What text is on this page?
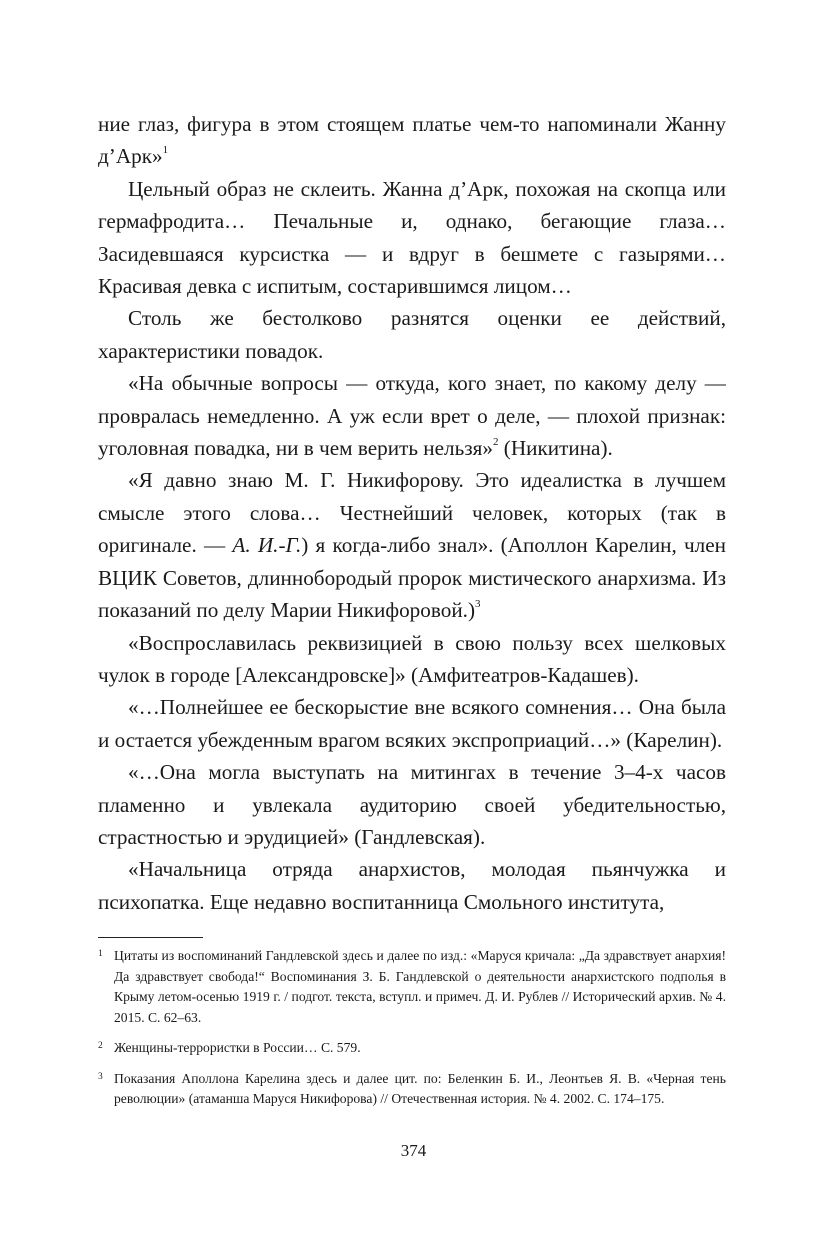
ние глаз, фигура в этом стоящем платье чем-то напоминали Жанну д’Арк»$^1$

Цельный образ не склеить. Жанна д’Арк, похожая на скопца или гермафродита… Печальные и, однако, бегающие глаза… Засидевшаяся курсистка — и вдруг в бешмете с газырями… Красивая девка с испитым, состарившимся лицом…

Столь же бестолково разнятся оценки ее действий, характеристики повадок.

«На обычные вопросы — откуда, кого знает, по какому делу — провралась немедленно. А уж если врет о деле, — плохой признак: уголовная повадка, ни в чем верить нельзя»$^2$ (Никитина).

«Я давно знаю М. Г. Никифорову. Это идеалистка в лучшем смысле этого слова… Честнейший человек, которых (так в оригинале. — А. И.-Г.) я когда-либо знал». (Аполлон Карелин, член ВЦИК Советов, длиннобородый пророк мистического анархизма. Из показаний по делу Марии Никифоровой.)$^3$

«Воспрославилась реквизицией в свою пользу всех шелковых чулок в городе [Александровске]» (Амфитеатров-Кадашев).

«…Полнейшее ее бескорыстие вне всякого сомнения… Она была и остается убежденным врагом всяких экспроприаций…» (Карелин).

«…Она могла выступать на митингах в течение 3–4-х часов пламенно и увлекала аудиторию своей убедительностью, страстностью и эрудицией» (Гандлевская).

«Начальница отряда анархистов, молодая пьянчужка и психопатка. Еще недавно воспитанница Смольного института,

1 Цитаты из воспоминаний Гандлевской здесь и далее по изд.: «Маруся кричала: „Да здравствует анархия! Да здравствует свобода!“ Воспоминания З. Б. Гандлевской о деятельности анархистского подполья в Крыму летом-осенью 1919 г. / подгот. текста, вступл. и примеч. Д. И. Рублев // Исторический архив. № 4. 2015. С. 62–63.
2 Женщины-террористки в России… С. 579.
3 Показания Аполлона Карелина здесь и далее цит. по: Беленкин Б. И., Леонтьев Я. В. «Черная тень революции» (атаманша Маруся Никифорова) // Отечественная история. № 4. 2002. С. 174–175.
374
